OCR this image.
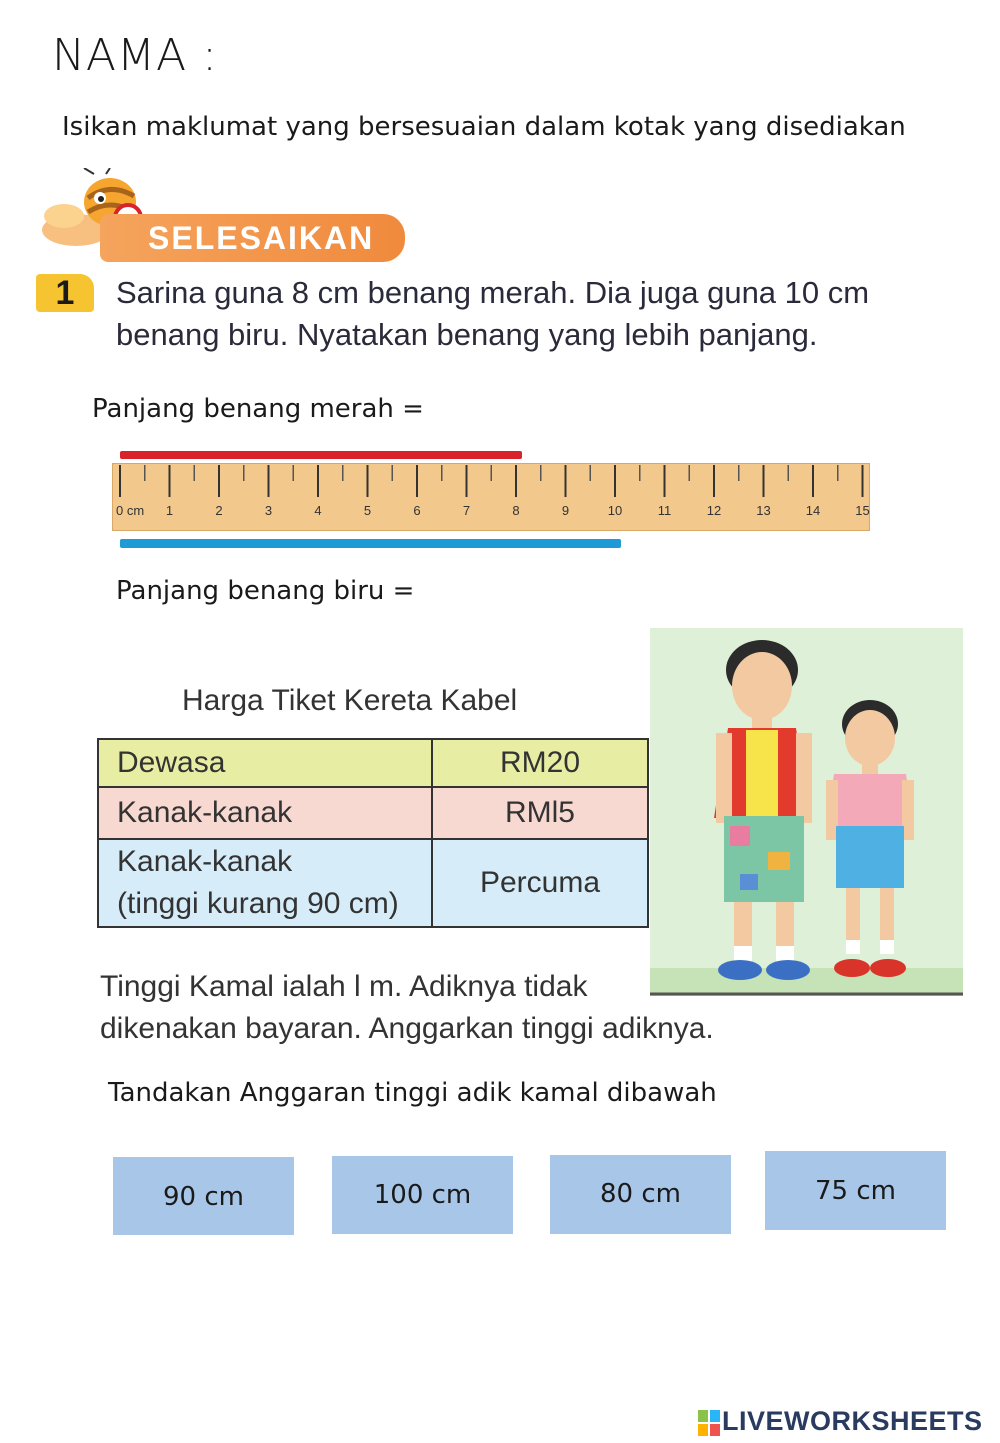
NAMA :
Isikan maklumat yang bersesuaian dalam kotak yang disediakan
SELESAIKAN
1	Sarina guna 8 cm benang merah. Dia juga guna 10 cm
benang biru. Nyatakan benang yang lebih panjang.
Panjang benang merah =
0 cm 1	2	3	4	5	6	7	8	9	10	11	12	13	14	15
Panjang benang biru =
Harga Tiket Kereta Kabel
Dewasa	RM20
Kanak-kanak	RMl5

Kanak-kanak
(tinggi kurang 90 cm)	Percuma
Tinggi Kamal ialah l m. Adiknya tidak
dikenakan bayaran. Anggarkan tinggi adiknya.
Tandakan Anggaran tinggi adik kamal dibawah
90 cm	100 cm	80 cm	75 cm
LIVEWORKSHEETS
